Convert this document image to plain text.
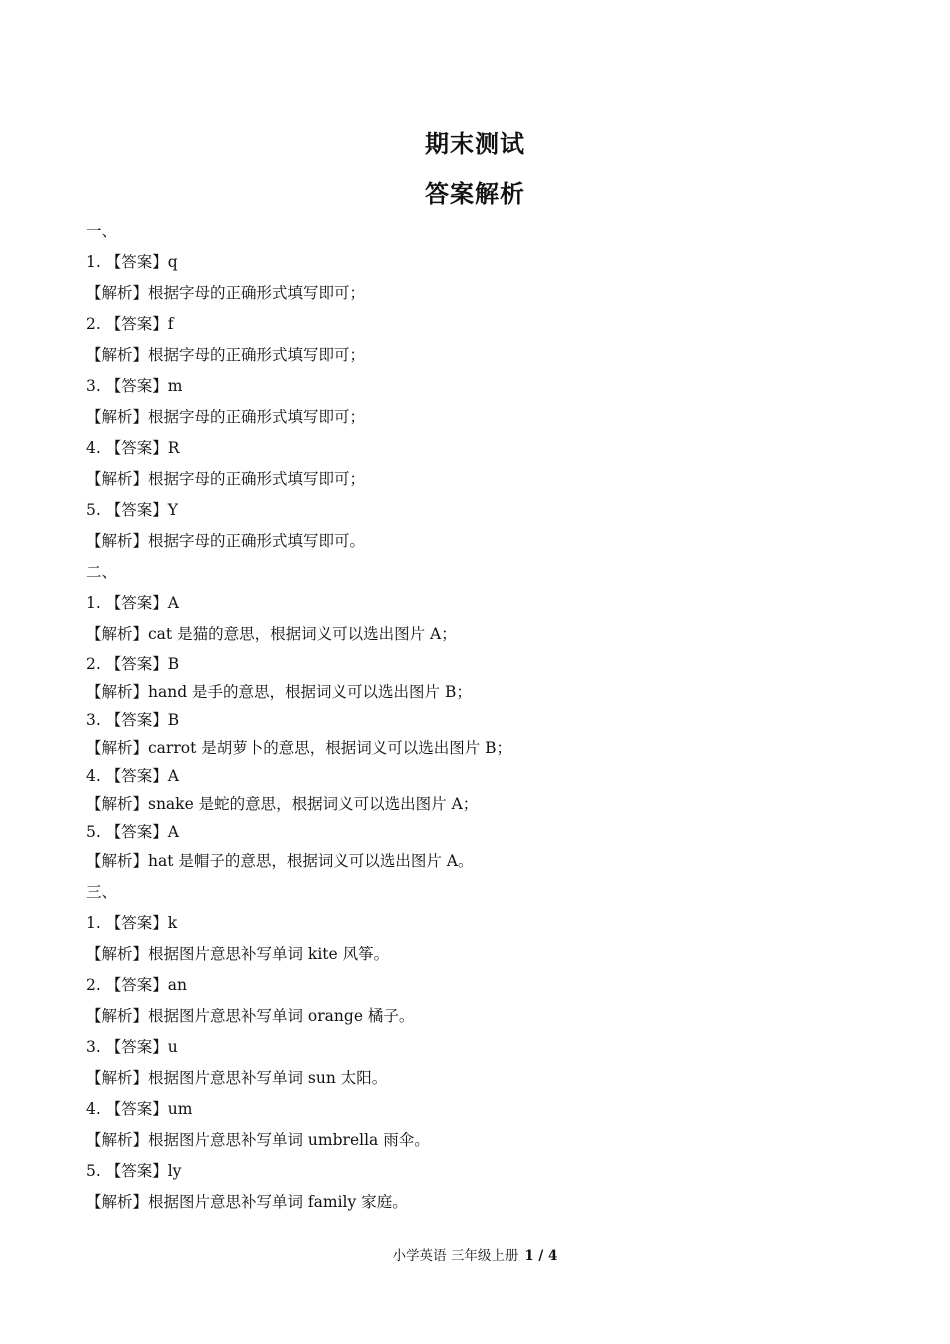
期末测试
答案解析
一、
1. 【答案】q
【解析】根据字母的正确形式填写即可；
2. 【答案】f
【解析】根据字母的正确形式填写即可；
3. 【答案】m
【解析】根据字母的正确形式填写即可；
4. 【答案】R
【解析】根据字母的正确形式填写即可；
5. 【答案】Y
【解析】根据字母的正确形式填写即可。
二、
1. 【答案】A
【解析】cat 是猫的意思，根据词义可以选出图片 A；
2. 【答案】B
【解析】hand 是手的意思，根据词义可以选出图片 B；
3. 【答案】B
【解析】carrot 是胡萝卜的意思，根据词义可以选出图片 B；
4. 【答案】A
【解析】snake 是蛇的意思，根据词义可以选出图片 A；
5. 【答案】A
【解析】hat 是帽子的意思，根据词义可以选出图片 A。
三、
1. 【答案】k
【解析】根据图片意思补写单词 kite 风筝。
2. 【答案】an
【解析】根据图片意思补写单词 orange 橘子。
3. 【答案】u
【解析】根据图片意思补写单词 sun 太阳。
4. 【答案】um
【解析】根据图片意思补写单词 umbrella 雨伞。
5. 【答案】ly
【解析】根据图片意思补写单词 family 家庭。
小学英语 三年级上册 1 / 4
